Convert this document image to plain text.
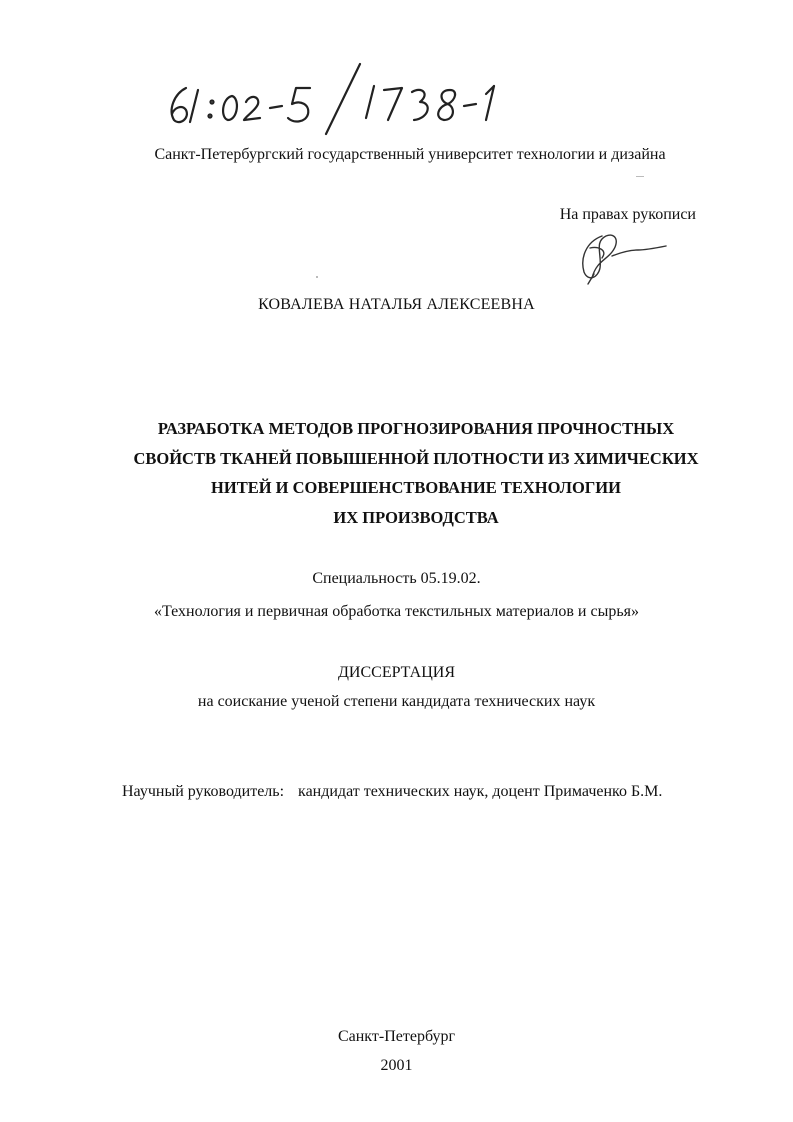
Санкт-Петербургский государственный университет технологии и дизайна
На правах рукописи
КОВАЛЕВА НАТАЛЬЯ АЛЕКСЕЕВНА
РАЗРАБОТКА МЕТОДОВ ПРОГНОЗИРОВАНИЯ ПРОЧНОСТНЫХ
СВОЙСТВ ТКАНЕЙ ПОВЫШЕННОЙ ПЛОТНОСТИ ИЗ ХИМИЧЕСКИХ
НИТЕЙ И СОВЕРШЕНСТВОВАНИЕ ТЕХНОЛОГИИ
ИХ ПРОИЗВОДСТВА
Специальность 05.19.02.
«Технология и первичная обработка текстильных материалов и сырья»
ДИССЕРТАЦИЯ
на соискание ученой степени кандидата технических наук
Научный руководитель: кандидат технических наук, доцент Примаченко Б.М.
Санкт-Петербург
2001
